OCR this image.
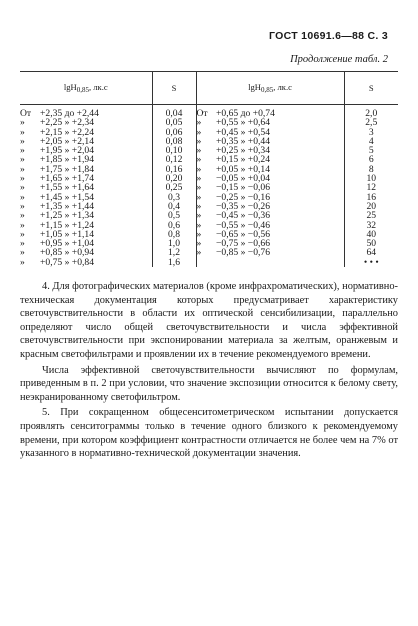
ГОСТ 10691.6—88 С. 3
Продолжение табл. 2
lgH$_{0,85}$, лк.с		S	lgH$_{0,85}$, лк.с		S
От	+2,35 до +2,44	0,04	От	+0,65 до +0,74	2,0
»	+2,25 » +2,34	0,05	»	+0,55 » +0,64	2,5
»	+2,15 » +2,24	0,06	»	+0,45 » +0,54	3
»	+2,05 » +2,14	0,08	»	+0,35 » +0,44	4
»	+1,95 » +2,04	0,10	»	+0,25 » +0,34	5
»	+1,85 » +1,94	0,12	»	+0,15 » +0,24	6
»	+1,75 » +1,84	0,16	»	+0,05 » +0,14	8
»	+1,65 » +1,74	0,20	»	−0,05 » +0,04	10
»	+1,55 » +1,64	0,25	»	−0,15 » −0,06	12
»	+1,45 » +1,54	0,3	»	−0,25 » −0,16	16
»	+1,35 » +1,44	0,4	»	−0,35 » −0,26	20
»	+1,25 » +1,34	0,5	»	−0,45 » −0,36	25
»	+1,15 » +1,24	0,6	»	−0,55 » −0,46	32
»	+1,05 » +1,14	0,8	»	−0,65 » −0,56	40
»	+0,95 » +1,04	1,0	»	−0,75 » −0,66	50
»	+0,85 » +0,94	1,2	»	−0,85 » −0,76	64
»	+0,75 » +0,84	1,6			• • •

4. Для фотографических материалов (кроме инфрахроматических), нормативно-техническая документация которых предусматривает характеристику светочувствительности в области их оптической сенсибилизации, параллельно определяют число общей светочувствительности и числа эффективной светочувствительности при экспонировании материала за желтым, оранжевым и красным светофильтрами и проявлении их в течение рекомендуемого времени.

Числа эффективной светочувствительности вычисляют по формулам, приведенным в п. 2 при условии, что значение экспозиции относится к белому свету, неэкранированному светофильтром.

5. При сокращенном общесенситометрическом испытании допускается проявлять сенситограммы только в течение одного близкого к рекомендуемому времени, при котором коэффициент контрастности отличается не более чем на 7% от указанного в нормативно-технической документации значения.
